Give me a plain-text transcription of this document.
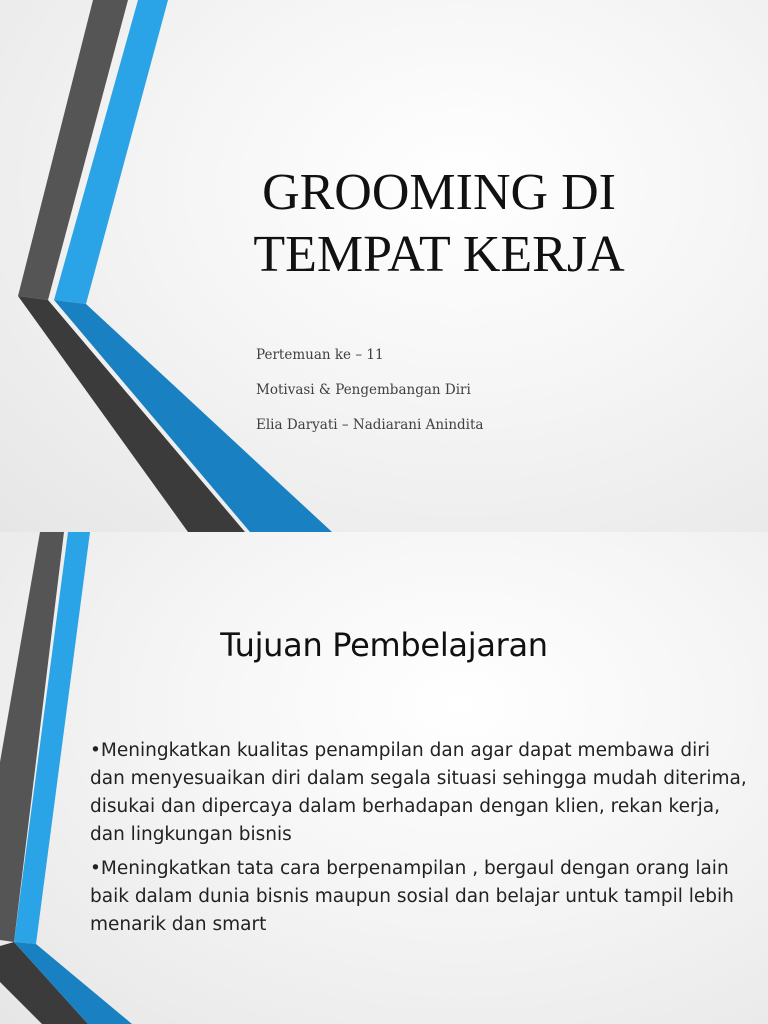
GROOMING DI
TEMPAT KERJA

Pertemuan ke – 11

Motivasi & Pengembangan Diri

Elia Daryati – Nadiarani Anindita

Tujuan Pembelajaran

•Meningkatkan kualitas penampilan dan agar dapat membawa diri dan menyesuaikan diri dalam segala situasi sehingga mudah diterima, disukai dan dipercaya dalam berhadapan dengan klien, rekan kerja, dan lingkungan bisnis

•Meningkatkan tata cara berpenampilan , bergaul dengan orang lain baik dalam dunia bisnis maupun sosial dan belajar untuk tampil lebih menarik dan smart
